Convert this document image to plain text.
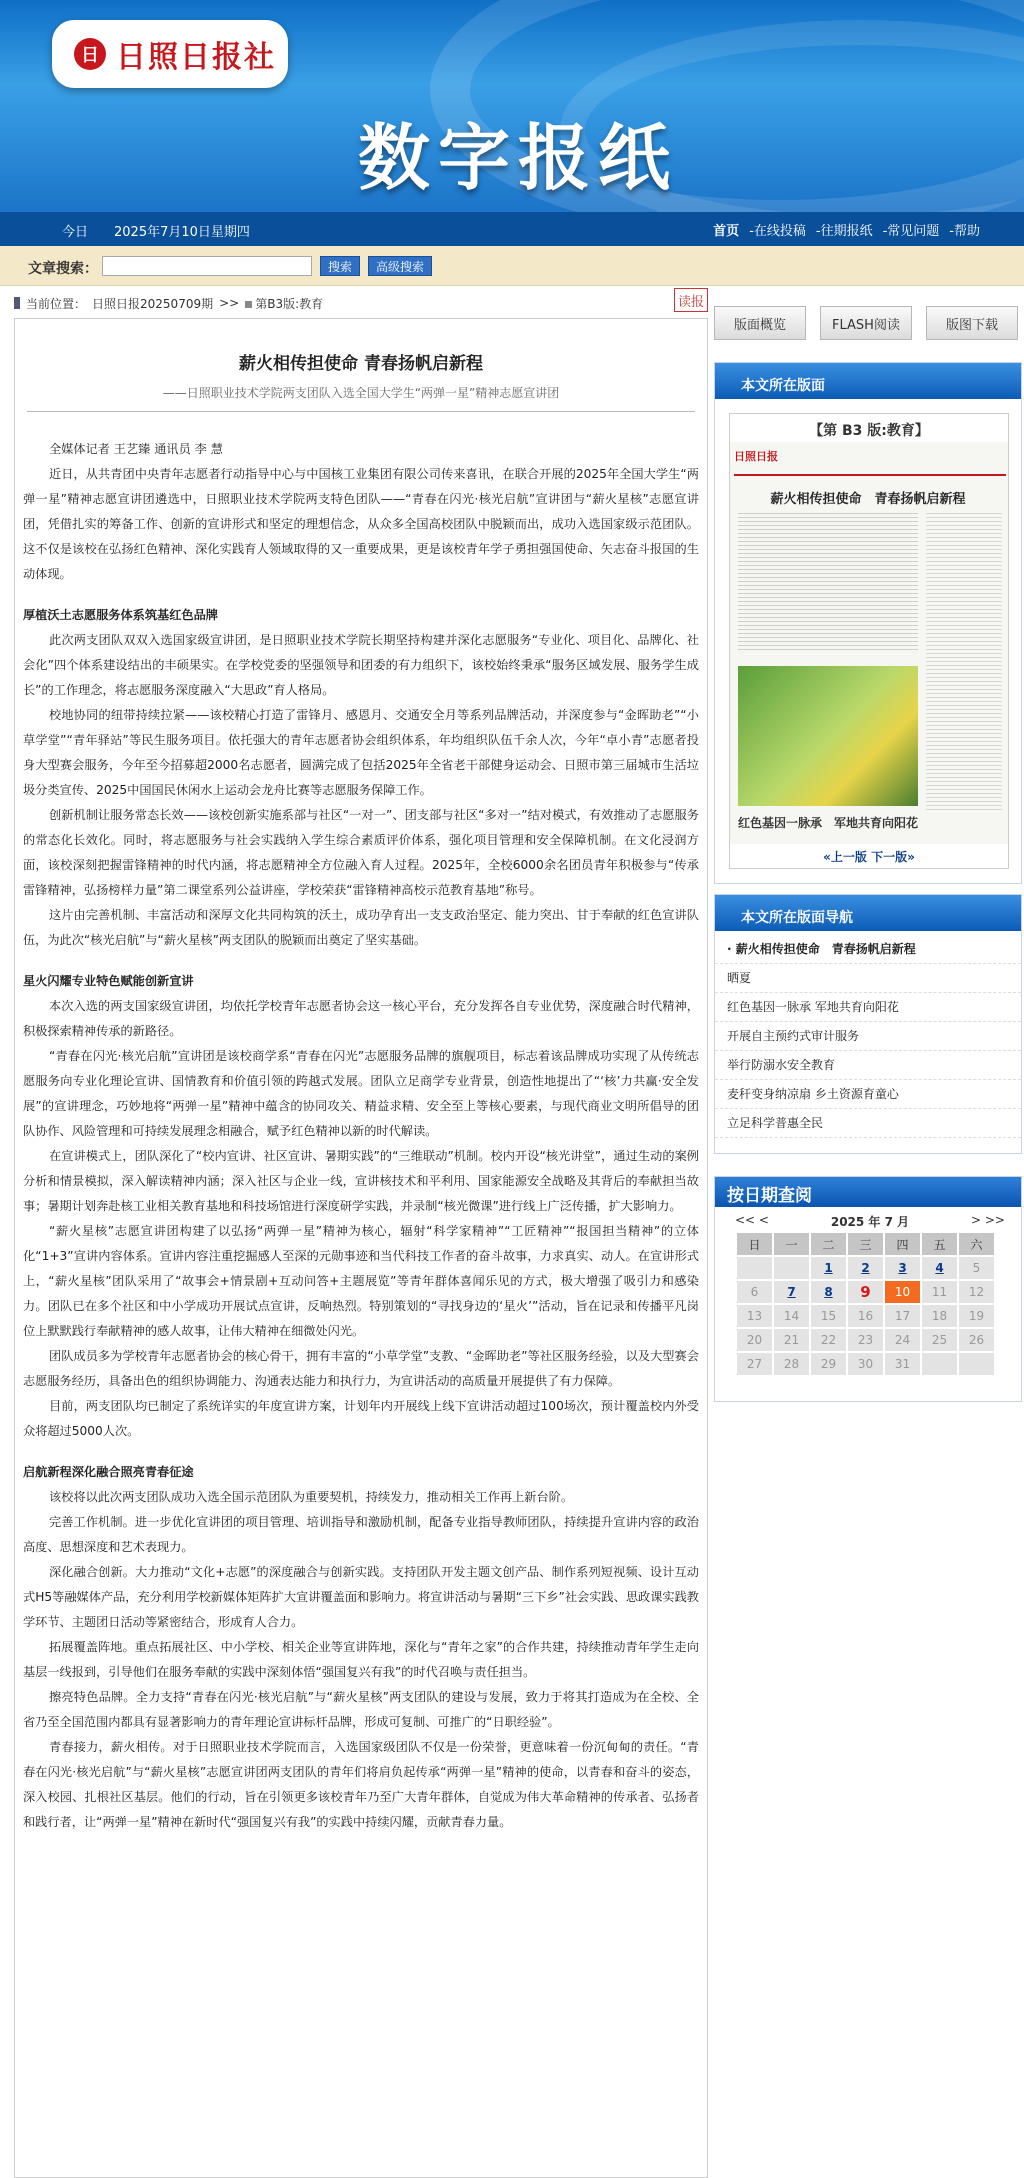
日 日照日报社
数字报纸
今日　　2025年7月10日星期四	首页 -在线投稿 -往期报纸 -常见问题 -帮助
文章搜索：	搜索	高级搜索
当前位置： 日照日报20250709期 >>	第B3版:教育	读报
薪火相传担使命 青春扬帆启新程
——日照职业技术学院两支团队入选全国大学生“两弹一星”精神志愿宣讲团

全媒体记者 王艺臻 通讯员 李 慧

近日，从共青团中央青年志愿者行动指导中心与中国核工业集团有限公司传来喜讯，在联合开展的2025年全国大学生“两弹一星”精神志愿宣讲团遴选中，日照职业技术学院两支特色团队——“青春在闪光·核光启航”宣讲团与“薪火星核”志愿宣讲团，凭借扎实的筹备工作、创新的宣讲形式和坚定的理想信念，从众多全国高校团队中脱颖而出，成功入选国家级示范团队。这不仅是该校在弘扬红色精神、深化实践育人领域取得的又一重要成果，更是该校青年学子勇担强国使命、矢志奋斗报国的生动体现。

厚植沃土志愿服务体系筑基红色品牌

此次两支团队双双入选国家级宣讲团，是日照职业技术学院长期坚持构建并深化志愿服务“专业化、项目化、品牌化、社会化”四个体系建设结出的丰硕果实。在学校党委的坚强领导和团委的有力组织下，该校始终秉承“服务区域发展、服务学生成长”的工作理念，将志愿服务深度融入“大思政”育人格局。

校地协同的纽带持续拉紧——该校精心打造了雷锋月、感恩月、交通安全月等系列品牌活动，并深度参与“金晖助老”“小草学堂”“青年驿站”等民生服务项目。依托强大的青年志愿者协会组织体系，年均组织队伍千余人次，今年“卓小青”志愿者投身大型赛会服务，今年至今招募超2000名志愿者，圆满完成了包括2025年全省老干部健身运动会、日照市第三届城市生活垃圾分类宣传、2025中国国民休闲水上运动会龙舟比赛等志愿服务保障工作。

创新机制让服务常态长效——该校创新实施系部与社区“一对一”、团支部与社区“多对一”结对模式，有效推动了志愿服务的常态化长效化。同时，将志愿服务与社会实践纳入学生综合素质评价体系，强化项目管理和安全保障机制。在文化浸润方面，该校深刻把握雷锋精神的时代内涵，将志愿精神全方位融入育人过程。2025年，全校6000余名团员青年积极参与“传承雷锋精神，弘扬榜样力量”第二课堂系列公益讲座，学校荣获“雷锋精神高校示范教育基地”称号。

这片由完善机制、丰富活动和深厚文化共同构筑的沃土，成功孕育出一支支政治坚定、能力突出、甘于奉献的红色宣讲队伍，为此次“核光启航”与“薪火星核”两支团队的脱颖而出奠定了坚实基础。

星火闪耀专业特色赋能创新宣讲

本次入选的两支国家级宣讲团，均依托学校青年志愿者协会这一核心平台，充分发挥各自专业优势，深度融合时代精神，积极探索精神传承的新路径。

“青春在闪光·核光启航”宣讲团是该校商学系“青春在闪光”志愿服务品牌的旗舰项目，标志着该品牌成功实现了从传统志愿服务向专业化理论宣讲、国情教育和价值引领的跨越式发展。团队立足商学专业背景，创造性地提出了“‘核’力共赢·安全发展”的宣讲理念，巧妙地将“两弹一星”精神中蕴含的协同攻关、精益求精、安全至上等核心要素，与现代商业文明所倡导的团队协作、风险管理和可持续发展理念相融合，赋予红色精神以新的时代解读。

在宣讲模式上，团队深化了“校内宣讲、社区宣讲、暑期实践”的“三维联动”机制。校内开设“核光讲堂”，通过生动的案例分析和情景模拟，深入解读精神内涵；深入社区与企业一线，宣讲核技术和平利用、国家能源安全战略及其背后的奉献担当故事；暑期计划奔赴核工业相关教育基地和科技场馆进行深度研学实践，并录制“核光微课”进行线上广泛传播，扩大影响力。

“薪火星核”志愿宣讲团构建了以弘扬“两弹一星”精神为核心，辐射“科学家精神”“工匠精神”“报国担当精神”的立体化“1+3”宣讲内容体系。宣讲内容注重挖掘感人至深的元勋事迹和当代科技工作者的奋斗故事，力求真实、动人。在宣讲形式上，“薪火星核”团队采用了“故事会+情景剧+互动问答+主题展览”等青年群体喜闻乐见的方式，极大增强了吸引力和感染力。团队已在多个社区和中小学成功开展试点宣讲，反响热烈。特别策划的“寻找身边的‘星火’”活动，旨在记录和传播平凡岗位上默默践行奉献精神的感人故事，让伟大精神在细微处闪光。

团队成员多为学校青年志愿者协会的核心骨干，拥有丰富的“小草学堂”支教、“金晖助老”等社区服务经验，以及大型赛会志愿服务经历，具备出色的组织协调能力、沟通表达能力和执行力，为宣讲活动的高质量开展提供了有力保障。

目前，两支团队均已制定了系统详实的年度宣讲方案，计划年内开展线上线下宣讲活动超过100场次，预计覆盖校内外受众将超过5000人次。

启航新程深化融合照亮青春征途

该校将以此次两支团队成功入选全国示范团队为重要契机，持续发力，推动相关工作再上新台阶。

完善工作机制。进一步优化宣讲团的项目管理、培训指导和激励机制，配备专业指导教师团队，持续提升宣讲内容的政治高度、思想深度和艺术表现力。

深化融合创新。大力推动“文化+志愿”的深度融合与创新实践。支持团队开发主题文创产品、制作系列短视频、设计互动式H5等融媒体产品，充分利用学校新媒体矩阵扩大宣讲覆盖面和影响力。将宣讲活动与暑期“三下乡”社会实践、思政课实践教学环节、主题团日活动等紧密结合，形成育人合力。

拓展覆盖阵地。重点拓展社区、中小学校、相关企业等宣讲阵地，深化与“青年之家”的合作共建，持续推动青年学生走向基层一线报到，引导他们在服务奉献的实践中深刻体悟“强国复兴有我”的时代召唤与责任担当。

擦亮特色品牌。全力支持“青春在闪光·核光启航”与“薪火星核”两支团队的建设与发展，致力于将其打造成为在全校、全省乃至全国范围内都具有显著影响力的青年理论宣讲标杆品牌，形成可复制、可推广的“日职经验”。

青春接力，薪火相传。对于日照职业技术学院而言，入选国家级团队不仅是一份荣誉，更意味着一份沉甸甸的责任。“青春在闪光·核光启航”与“薪火星核”志愿宣讲团两支团队的青年们将肩负起传承“两弹一星”精神的使命，以青春和奋斗的姿态，深入校园、扎根社区基层。他们的行动，旨在引领更多该校青年乃至广大青年群体，自觉成为伟大革命精神的传承者、弘扬者和践行者，让“两弹一星”精神在新时代“强国复兴有我”的实践中持续闪耀，贡献青春力量。

版面概览	FLASH阅读	版图下载
本文所在版面
【第 B3 版:教育】
日照日报
薪火相传担使命　青春扬帆启新程
红色基因一脉承　军地共育向阳花
«上一版 下一版»
本文所在版面导航
· 薪火相传担使命　青春扬帆启新程
晒夏
红色基因一脉承 军地共育向阳花
开展自主预约式审计服务
举行防溺水安全教育
麦秆变身纳凉扇 乡土资源育童心
立足科学普惠全民
按日期查阅
<< <	2025 年 7 月	> >>
日	一	二	三	四	五	六
		1	2	3	4	5
6	7	8	9	10	11	12
13	14	15	16	17	18	19
20	21	22	23	24	25	26
27	28	29	30	31		
